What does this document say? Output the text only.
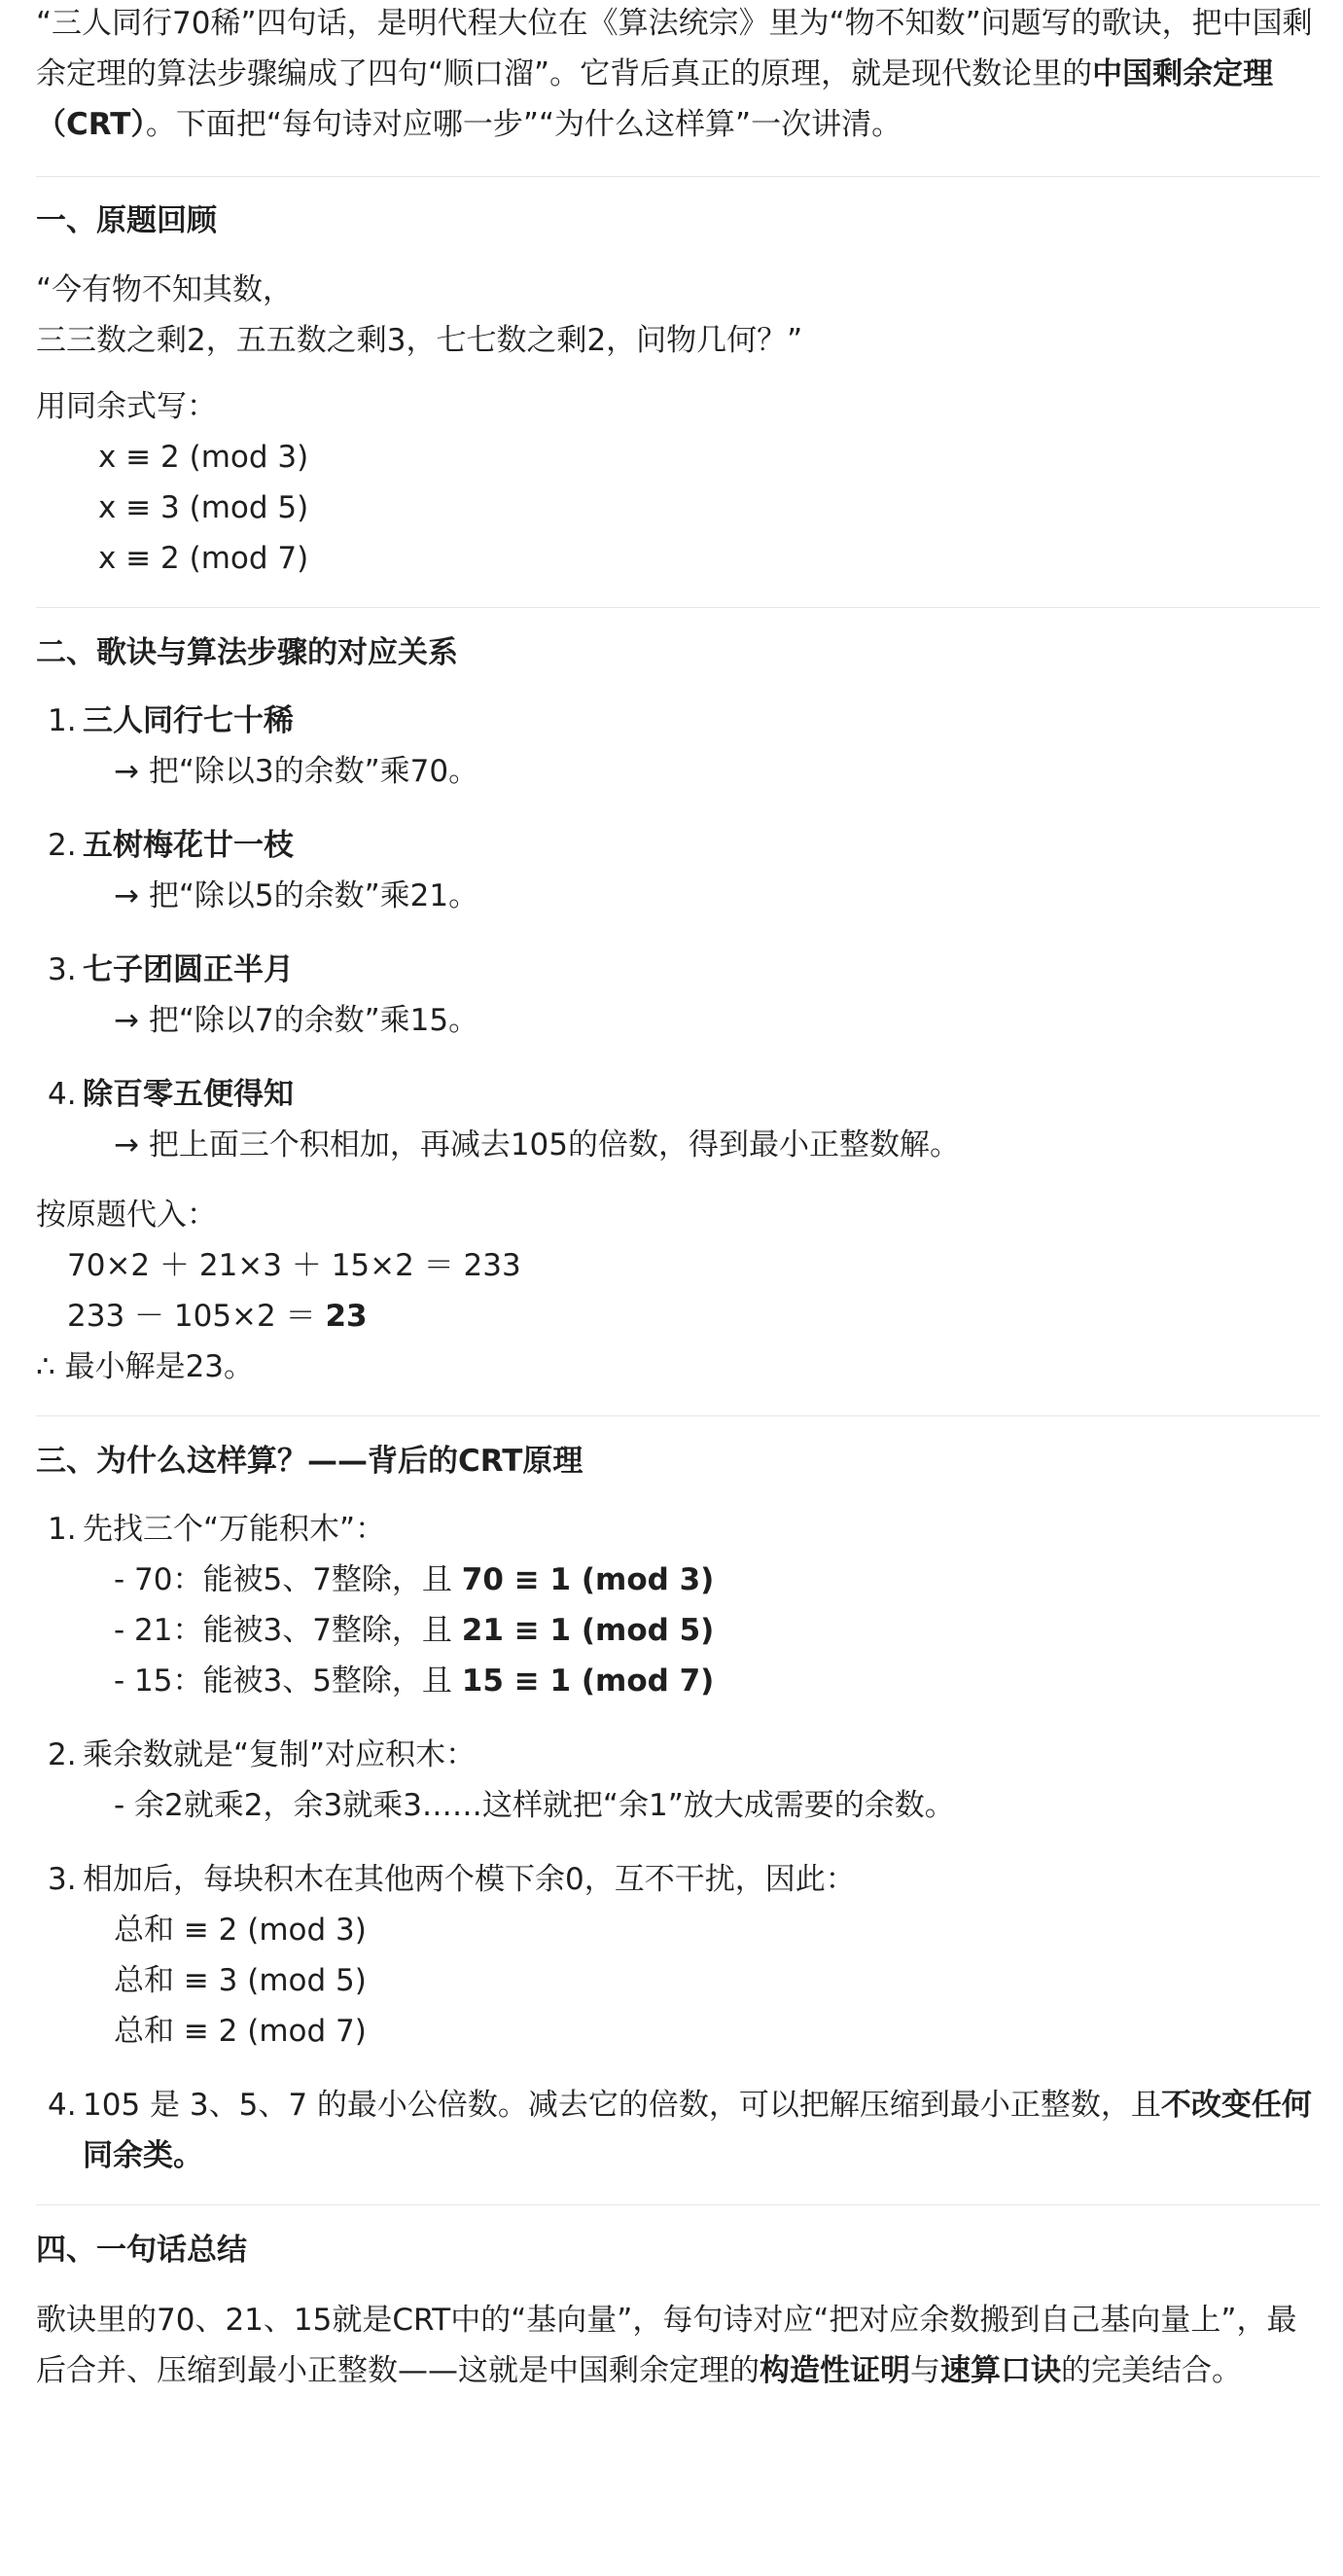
“三人同行70稀”四句话，是明代程大位在《算法统宗》里为“物不知数”问题写的歌诀，把中国剩余定理的算法步骤编成了四句“顺口溜”。它背后真正的原理，就是现代数论里的中国剩余定理（CRT）。下面把“每句诗对应哪一步”“为什么这样算”一次讲清。

一、原题回顾

“今有物不知其数，
三三数之剩2，五五数之剩3，七七数之剩2，问物几何？”

用同余式写：

x ≡ 2 (mod 3)
x ≡ 3 (mod 5)
x ≡ 2 (mod 7)
二、歌诀与算法步骤的对应关系
1. 三人同行七十稀
→ 把“除以3的余数”乘70。
2. 五树梅花廿一枝
→ 把“除以5的余数”乘21。
3. 七子团圆正半月
→ 把“除以7的余数”乘15。
4. 除百零五便得知
→ 把上面三个积相加，再减去105的倍数，得到最小正整数解。

按原题代入：

70×2 ＋ 21×3 ＋ 15×2 ＝ 233
233 － 105×2 ＝ 23

∴ 最小解是23。

三、为什么这样算？——背后的CRT原理
1. 先找三个“万能积木”：
- 70：能被5、7整除，且 70 ≡ 1 (mod 3)
- 21：能被3、7整除，且 21 ≡ 1 (mod 5)
- 15：能被3、5整除，且 15 ≡ 1 (mod 7)
2. 乘余数就是“复制”对应积木：
- 余2就乘2，余3就乘3……这样就把“余1”放大成需要的余数。
3. 相加后，每块积木在其他两个模下余0，互不干扰，因此：
总和 ≡ 2 (mod 3)
总和 ≡ 3 (mod 5)
总和 ≡ 2 (mod 7)
4. 105 是 3、5、7 的最小公倍数。减去它的倍数，可以把解压缩到最小正整数，且不改变任何同余类。
四、一句话总结

歌诀里的70、21、15就是CRT中的“基向量”，每句诗对应“把对应余数搬到自己基向量上”，最后合并、压缩到最小正整数——这就是中国剩余定理的构造性证明与速算口诀的完美结合。
